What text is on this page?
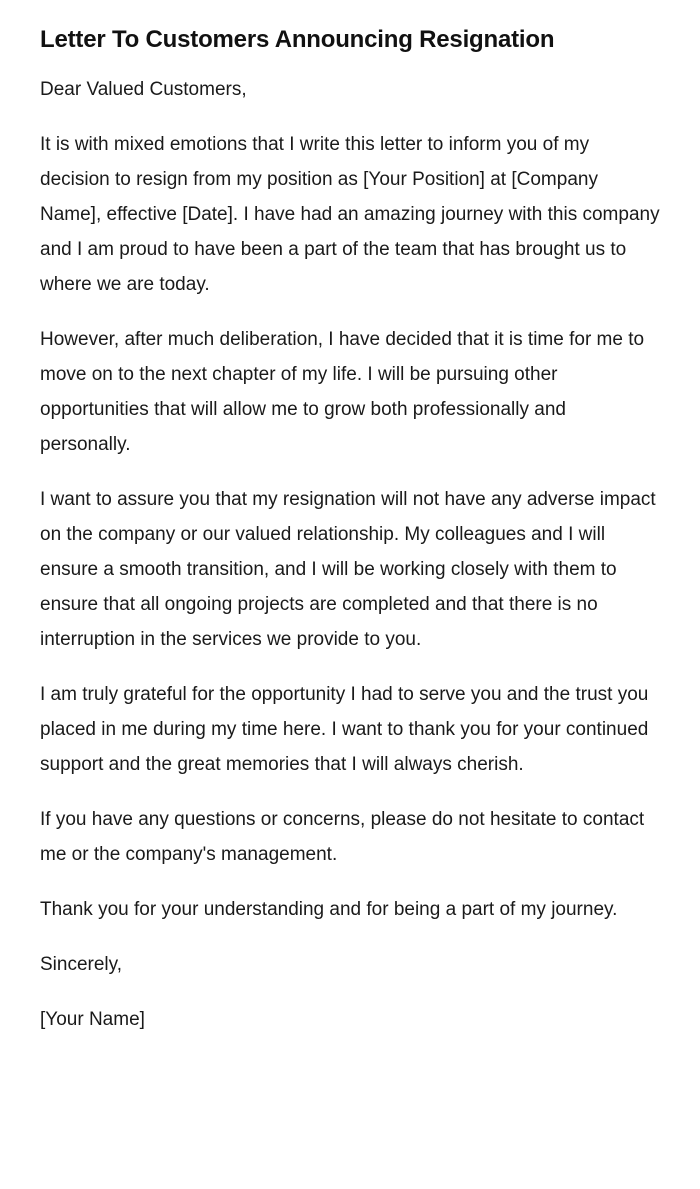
Letter To Customers Announcing Resignation

Dear Valued Customers,

It is with mixed emotions that I write this letter to inform you of my decision to resign from my position as [Your Position] at [Company Name], effective [Date]. I have had an amazing journey with this company and I am proud to have been a part of the team that has brought us to where we are today.

However, after much deliberation, I have decided that it is time for me to move on to the next chapter of my life. I will be pursuing other opportunities that will allow me to grow both professionally and personally.

I want to assure you that my resignation will not have any adverse impact on the company or our valued relationship. My colleagues and I will ensure a smooth transition, and I will be working closely with them to ensure that all ongoing projects are completed and that there is no interruption in the services we provide to you.

I am truly grateful for the opportunity I had to serve you and the trust you placed in me during my time here. I want to thank you for your continued support and the great memories that I will always cherish.

If you have any questions or concerns, please do not hesitate to contact me or the company's management.

Thank you for your understanding and for being a part of my journey.

Sincerely,

[Your Name]
